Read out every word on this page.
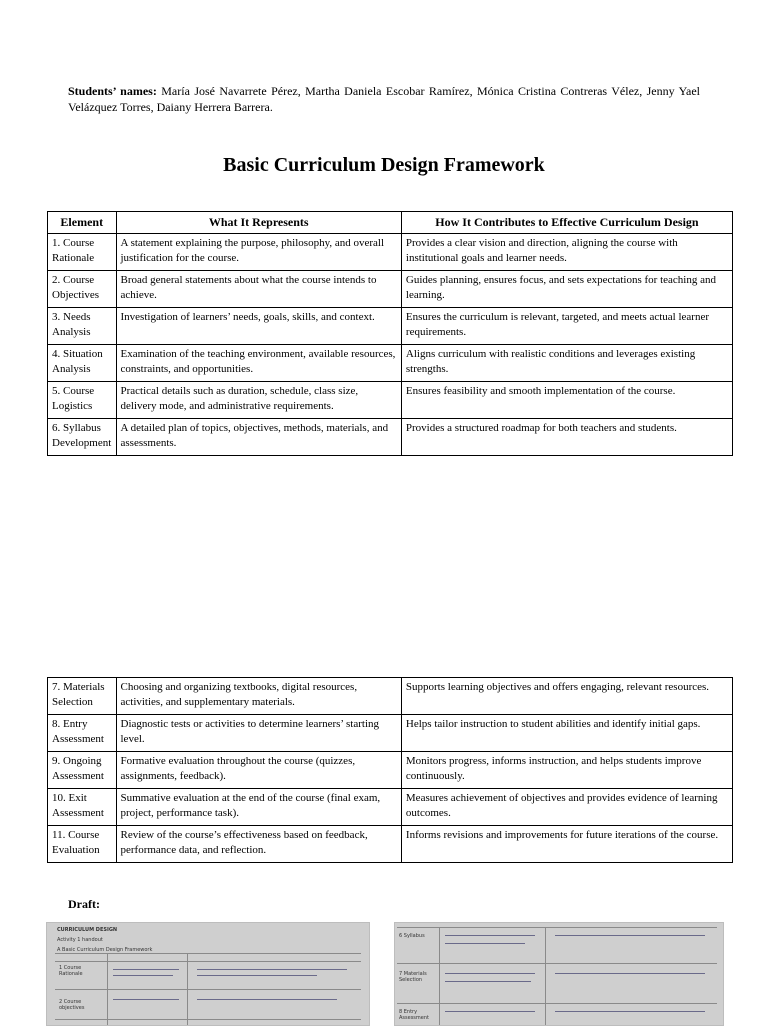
Students’ names: María José Navarrete Pérez, Martha Daniela Escobar Ramírez, Mónica Cristina Contreras Vélez, Jenny Yael Velázquez Torres, Daiany Herrera Barrera.
Basic Curriculum Design Framework
Element	What It Represents	How It Contributes to Effective Curriculum Design
1. Course Rationale	A statement explaining the purpose, philosophy, and overall justification for the course.	Provides a clear vision and direction, aligning the course with institutional goals and learner needs.
2. Course Objectives	Broad general statements about what the course intends to achieve.	Guides planning, ensures focus, and sets expectations for teaching and learning.
3. Needs Analysis	Investigation of learners’ needs, goals, skills, and context.	Ensures the curriculum is relevant, targeted, and meets actual learner requirements.
4. Situation Analysis	Examination of the teaching environment, available resources, constraints, and opportunities.	Aligns curriculum with realistic conditions and leverages existing strengths.
5. Course Logistics	Practical details such as duration, schedule, class size, delivery mode, and administrative requirements.	Ensures feasibility and smooth implementation of the course.
6. Syllabus Development	A detailed plan of topics, objectives, methods, materials, and assessments.	Provides a structured roadmap for both teachers and students.
7. Materials Selection	Choosing and organizing textbooks, digital resources, activities, and supplementary materials.	Supports learning objectives and offers engaging, relevant resources.
8. Entry Assessment	Diagnostic tests or activities to determine learners’ starting level.	Helps tailor instruction to student abilities and identify initial gaps.
9. Ongoing Assessment	Formative evaluation throughout the course (quizzes, assignments, feedback).	Monitors progress, informs instruction, and helps students improve continuously.
10. Exit Assessment	Summative evaluation at the end of the course (final exam, project, performance task).	Measures achievement of objectives and provides evidence of learning outcomes.
11. Course Evaluation	Review of the course’s effectiveness based on feedback, performance data, and reflection.	Informs revisions and improvements for future iterations of the course.
Draft:
CURRICULUM DESIGN
Activity 1 handout
A Basic Curriculum Design Framework
1 Course Rationale
2 Course objectives
6 Syllabus
7 Materials Selection
8 Entry Assessment
